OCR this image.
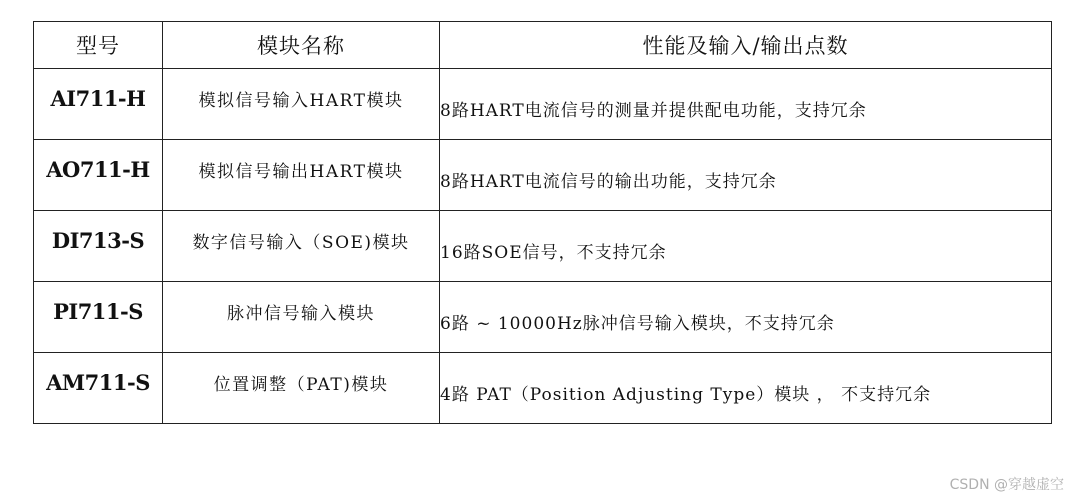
型号	模块名称	性能及输入/输出点数
AI711-H	模拟信号输入HART模块	8路HART电流信号的测量并提供配电功能，支持冗余
AO711-H	模拟信号输出HART模块	8路HART电流信号的输出功能，支持冗余
DI713-S	数字信号输入（SOE)模块	16路SOE信号，不支持冗余
PI711-S	脉冲信号输入模块	6路 ~ 10000Hz脉冲信号输入模块，不支持冗余
AM711-S	位置调整（PAT)模块	4路 PAT（Position Adjusting Type）模块 ， 不支持冗余
CSDN @穿越虚空
